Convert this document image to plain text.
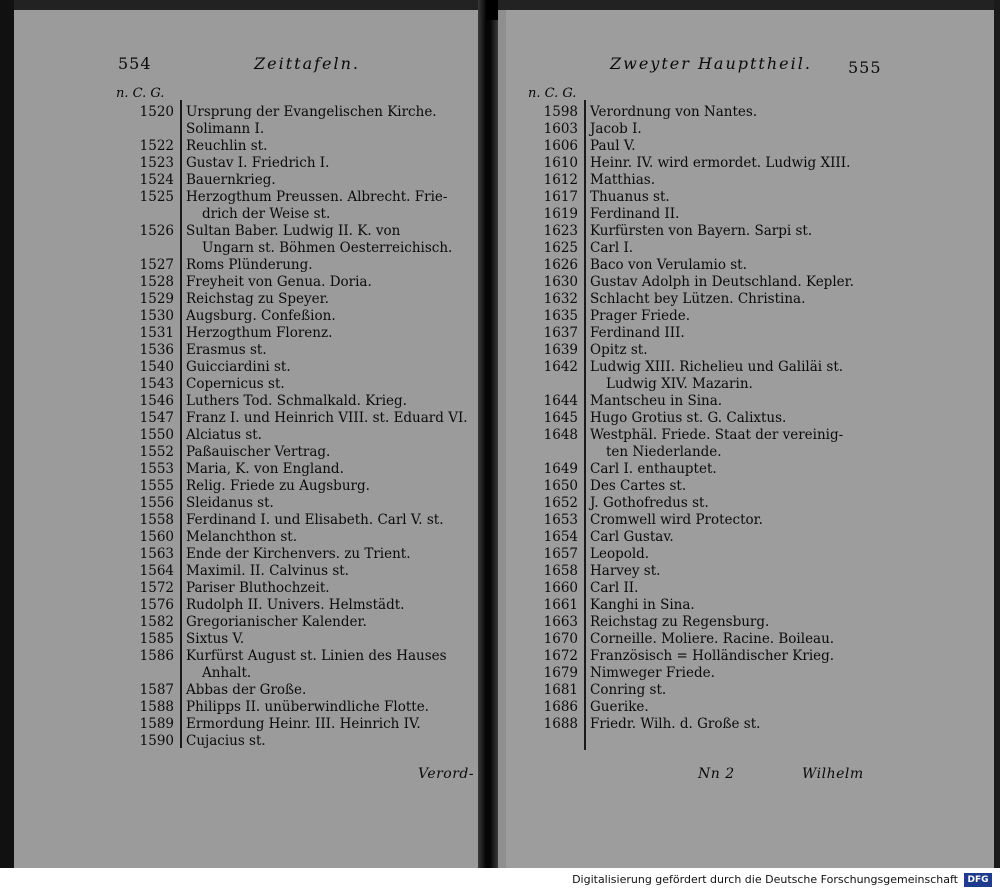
554	Zeittafeln.
n. C. G.
1520 Ursprung der Evangelischen Kirche.
Solimann I.
1522 Reuchlin st.
1523 Gustav I. Friedrich I.
1524 Bauernkrieg.
1525 Herzogthum Preussen. Albrecht. Frie-
drich der Weise st.
1526 Sultan Baber. Ludwig II. K. von
Ungarn st. Böhmen Oesterreichisch.
1527 Roms Plünderung.
1528 Freyheit von Genua. Doria.
1529 Reichstag zu Speyer.
1530 Augsburg. Confeßion.
1531 Herzogthum Florenz.
1536 Erasmus st.
1540 Guicciardini st.
1543 Copernicus st.
1546 Luthers Tod. Schmalkald. Krieg.
1547 Franz I. und Heinrich VIII. st. Eduard VI.
1550 Alciatus st.
1552 Paßauischer Vertrag.
1553 Maria, K. von England.
1555 Relig. Friede zu Augsburg.
1556 Sleidanus st.
1558 Ferdinand I. und Elisabeth. Carl V. st.
1560 Melanchthon st.
1563 Ende der Kirchenvers. zu Trient.
1564 Maximil. II. Calvinus st.
1572 Pariser Bluthochzeit.
1576 Rudolph II. Univers. Helmstädt.
1582 Gregorianischer Kalender.
1585 Sixtus V.
1586 Kurfürst August st. Linien des Hauses
Anhalt.
1587 Abbas der Große.
1588 Philipps II. unüberwindliche Flotte.
1589 Ermordung Heinr. III. Heinrich IV.
1590 Cujacius st.
Verord-
Zweyter Haupttheil. 555
n. C. G.
1598 Verordnung von Nantes.
1603 Jacob I.
1606 Paul V.
1610 Heinr. IV. wird ermordet. Ludwig XIII.
1612 Matthias.
1617 Thuanus st.
1619 Ferdinand II.
1623 Kurfürsten von Bayern. Sarpi st.
1625 Carl I.
1626 Baco von Verulamio st.
1630 Gustav Adolph in Deutschland. Kepler.
1632 Schlacht bey Lützen. Christina.
1635 Prager Friede.
1637 Ferdinand III.
1639 Opitz st.
1642 Ludwig XIII. Richelieu und Galiläi st.
Ludwig XIV. Mazarin.
1644 Mantscheu in Sina.
1645 Hugo Grotius st. G. Calixtus.
1648 Westphäl. Friede. Staat der vereinig-
ten Niederlande.
1649 Carl I. enthauptet.
1650 Des Cartes st.
1652 J. Gothofredus st.
1653 Cromwell wird Protector.
1654 Carl Gustav.
1657 Leopold.
1658 Harvey st.
1660 Carl II.
1661 Kanghi in Sina.
1663 Reichstag zu Regensburg.
1670 Corneille. Moliere. Racine. Boileau.
1672 Französisch = Holländischer Krieg.
1679 Nimweger Friede.
1681 Conring st.
1686 Guerike.
1688 Friedr. Wilh. d. Große st.
Nn 2	Wilhelm
Digitalisierung gefördert durch die Deutsche Forschungsgemeinschaft	DFG
